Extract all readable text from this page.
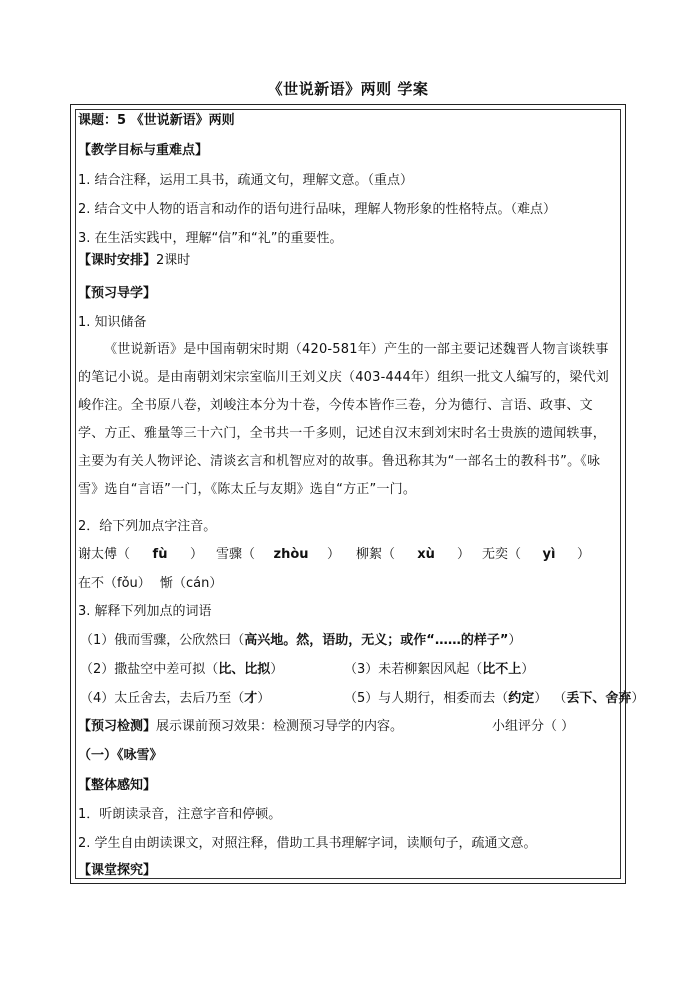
《世说新语》两则 学案
课题：5 《世说新语》两则
【教学目标与重难点】
1. 结合注释，运用工具书，疏通文句，理解文意。（重点）
2. 结合文中人物的语言和动作的语句进行品味，理解人物形象的性格特点。（难点）
3. 在生活实践中，理解“信”和“礼”的重要性。
【课时安排】2课时
【预习导学】
1. 知识储备
《世说新语》是中国南朝宋时期（420-581年）产生的一部主要记述魏晋人物言谈轶事的笔记小说。是由南朝刘宋宗室临川王刘义庆（403-444年）组织一批文人编写的，梁代刘峻作注。全书原八卷，刘峻注本分为十卷，今传本皆作三卷，分为德行、言语、政事、文学、方正、雅量等三十六门，全书共一千多则，记述自汉末到刘宋时名士贵族的遗闻轶事，主要为有关人物评论、清谈玄言和机智应对的故事。鲁迅称其为“一部名士的教科书”。《咏雪》选自“言语”一门，《陈太丘与友期》选自“方正”一门。
2．给下列加点字注音。
谢太傅（ fù ） 雪骤（ zhòu ） 柳絮（ xù ） 无奕（ yì ）
在不（fǒu） 惭（cán）
3. 解释下列加点的词语
（1）俄而雪骤，公欣然曰（高兴地。然，语助，无义；或作“……的样子”）
（2）撒盐空中差可拟（比、比拟）	（3）未若柳絮因风起（比不上）
（4）太丘舍去，去后乃至（才）	（5）与人期行，相委而去（约定） （丢下、舍弃）
【预习检测】展示课前预习效果：检测预习导学的内容。	小组评分（ ）
（一）《咏雪》
【整体感知】
1．听朗读录音，注意字音和停顿。
2. 学生自由朗读课文，对照注释，借助工具书理解字词，读顺句子，疏通文意。
【课堂探究】
